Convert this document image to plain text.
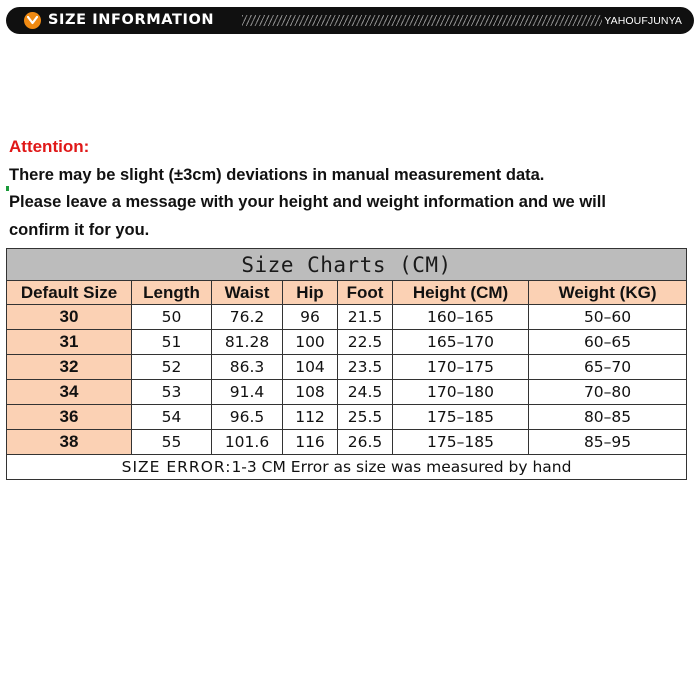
SIZE INFORMATION	YAHOUFJUNYA
Attention:
There may be slight (±3cm) deviations in manual measurement data.
Please leave a message with your height and weight information and we will
confirm it for you.
Size Charts (CM)						
Default Size	Length	Waist	Hip	Foot	Height (CM)	Weight (KG)
30	50	76.2	96	21.5	160–165	50–60
31	51	81.28	100	22.5	165–170	60–65
32	52	86.3	104	23.5	170–175	65–70
34	53	91.4	108	24.5	170–180	70–80
36	54	96.5	112	25.5	175–185	80–85
38	55	101.6	116	26.5	175–185	85–95
SIZE ERROR:1-3 CM Error as size was measured by hand						
